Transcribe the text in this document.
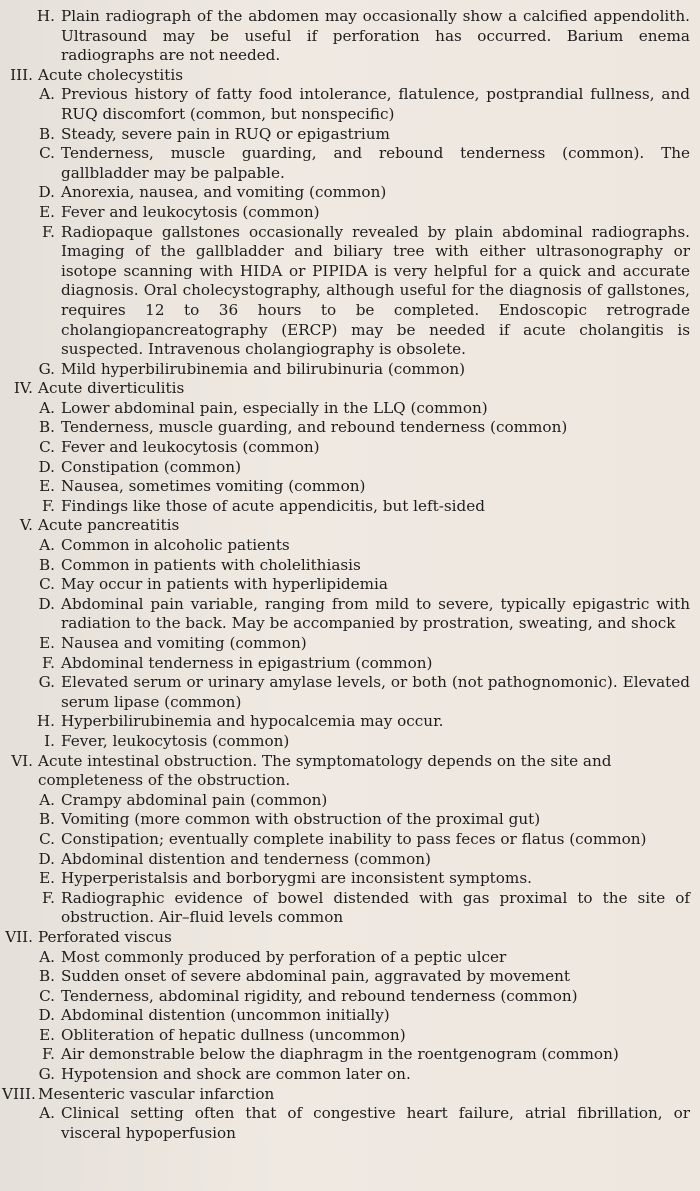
H. Plain radiograph of the abdomen may occasionally show a calcified appendolith. Ultrasound may be useful if perforation has occurred. Barium enema radiographs are not needed.
III. Acute cholecystitis
A. Previous history of fatty food intolerance, flatulence, postprandial fullness, and RUQ discomfort (common, but nonspecific)
B. Steady, severe pain in RUQ or epigastrium
C. Tenderness, muscle guarding, and rebound tenderness (common). The gallbladder may be palpable.
D. Anorexia, nausea, and vomiting (common)
E. Fever and leukocytosis (common)
F. Radiopaque gallstones occasionally revealed by plain abdominal radiographs. Imaging of the gallbladder and biliary tree with either ultrasonography or isotope scanning with HIDA or PIPIDA is very helpful for a quick and accurate diagnosis. Oral cholecystography, although useful for the diagnosis of gallstones, requires 12 to 36 hours to be completed. Endoscopic retrograde cholangiopancreatography (ERCP) may be needed if acute cholangitis is suspected. Intravenous cholangiography is obsolete.
G. Mild hyperbilirubinemia and bilirubinuria (common)
IV. Acute diverticulitis
A. Lower abdominal pain, especially in the LLQ (common)
B. Tenderness, muscle guarding, and rebound tenderness (common)
C. Fever and leukocytosis (common)
D. Constipation (common)
E. Nausea, sometimes vomiting (common)
F. Findings like those of acute appendicitis, but left-sided
V. Acute pancreatitis
A. Common in alcoholic patients
B. Common in patients with cholelithiasis
C. May occur in patients with hyperlipidemia
D. Abdominal pain variable, ranging from mild to severe, typically epigastric with radiation to the back. May be accompanied by prostration, sweating, and shock
E. Nausea and vomiting (common)
F. Abdominal tenderness in epigastrium (common)
G. Elevated serum or urinary amylase levels, or both (not pathognomonic). Elevated serum lipase (common)
H. Hyperbilirubinemia and hypocalcemia may occur.
I. Fever, leukocytosis (common)
VI. Acute intestinal obstruction. The symptomatology depends on the site and completeness of the obstruction.
A. Crampy abdominal pain (common)
B. Vomiting (more common with obstruction of the proximal gut)
C. Constipation; eventually complete inability to pass feces or flatus (common)
D. Abdominal distention and tenderness (common)
E. Hyperperistalsis and borborygmi are inconsistent symptoms.
F. Radiographic evidence of bowel distended with gas proximal to the site of obstruction. Air–fluid levels common
VII. Perforated viscus
A. Most commonly produced by perforation of a peptic ulcer
B. Sudden onset of severe abdominal pain, aggravated by movement
C. Tenderness, abdominal rigidity, and rebound tenderness (common)
D. Abdominal distention (uncommon initially)
E. Obliteration of hepatic dullness (uncommon)
F. Air demonstrable below the diaphragm in the roentgenogram (common)
G. Hypotension and shock are common later on.
VIII. Mesenteric vascular infarction
A. Clinical setting often that of congestive heart failure, atrial fibrillation, or visceral hypoperfusion
